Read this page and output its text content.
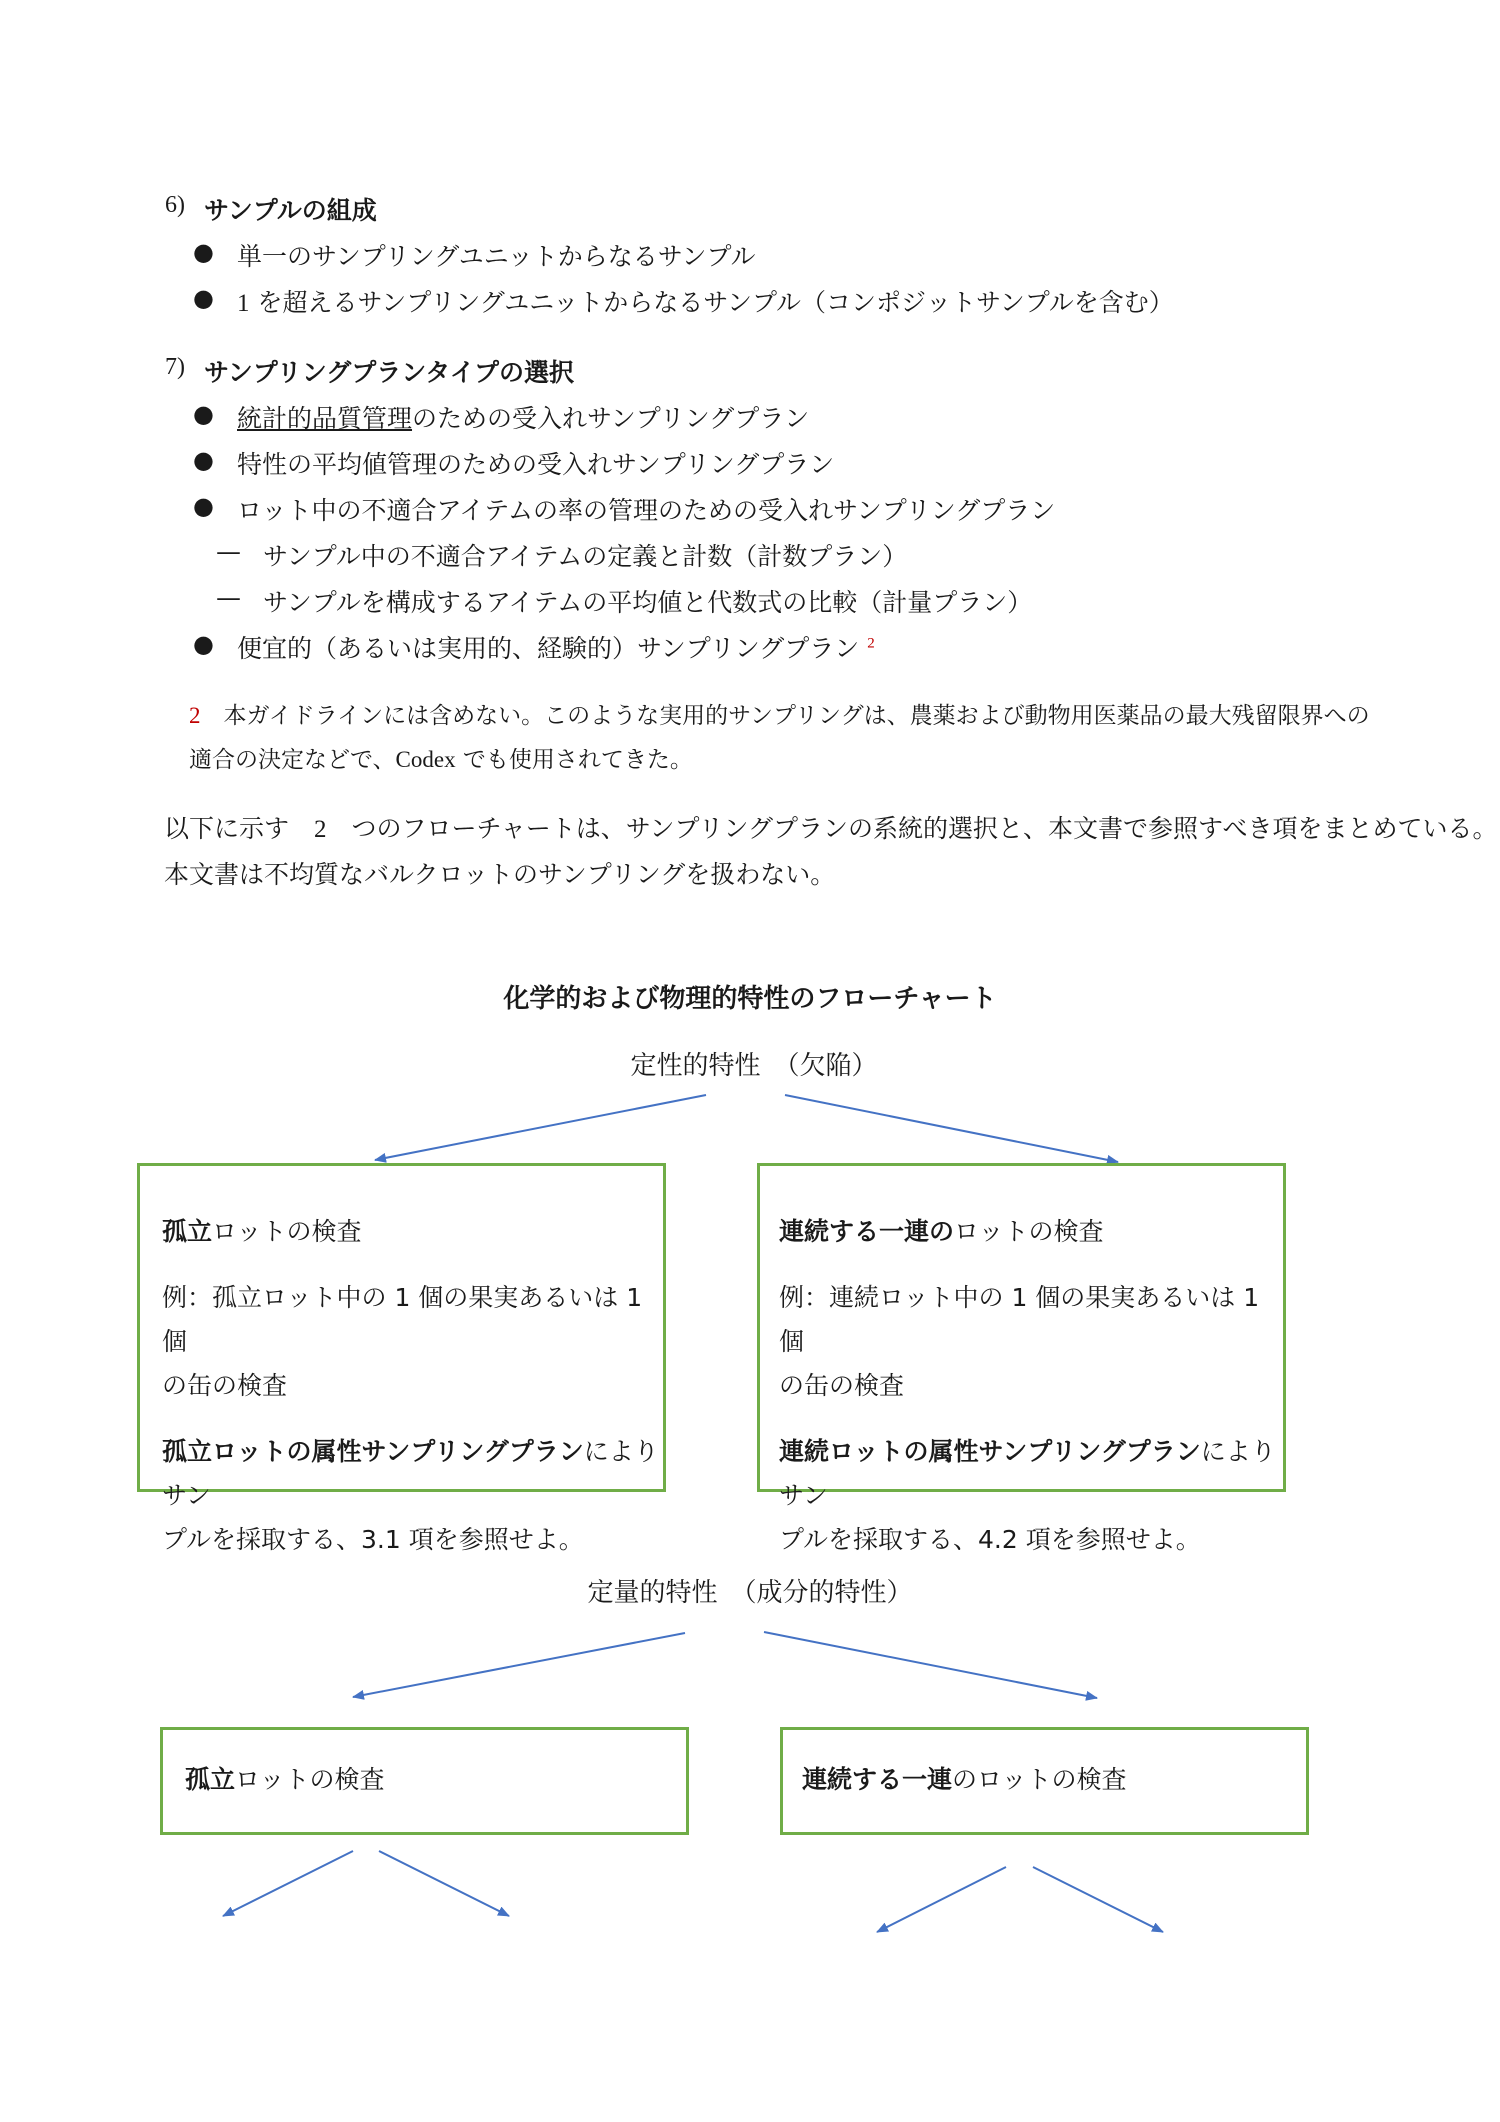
6) サンプルの組成
● 単一のサンプリングユニットからなるサンプル
● 1 を超えるサンプリングユニットからなるサンプル（コンポジットサンプルを含む）
7) サンプリングプランタイプの選択
● 統計的品質管理のための受入れサンプリングプラン
● 特性の平均値管理のための受入れサンプリングプラン
● ロット中の不適合アイテムの率の管理のための受入れサンプリングプラン
— サンプル中の不適合アイテムの定義と計数（計数プラン）
— サンプルを構成するアイテムの平均値と代数式の比較（計量プラン）
● 便宜的（あるいは実用的、経験的）サンプリングプラン $^2$
2　 本ガイドラインには含めない。このような実用的サンプリングは、農薬および動物用医薬品の最大残留限界への
適合の決定などで、Codex でも使用されてきた。
以下に示す　 2　 つのフローチャートは、サンプリングプランの系統的選択と、本文書で参照すべき項をまとめている。
本文書は不均質なバルクロットのサンプリングを扱わない。
化学的および物理的特性のフローチャート
定性的特性　（欠陥）

孤立ロットの検査

例：孤立ロット中の 1 個の果実あるいは 1 個
の缶の検査

孤立ロットの属性サンプリングプランによりサン
プルを採取する、3.1 項を参照せよ。

連続する一連のロットの検査

例：連続ロット中の 1 個の果実あるいは 1 個
の缶の検査

連続ロットの属性サンプリングプランによりサン
プルを採取する、4.2 項を参照せよ。

定量的特性　（成分的特性）

孤立ロットの検査	連続する一連のロットの検査
